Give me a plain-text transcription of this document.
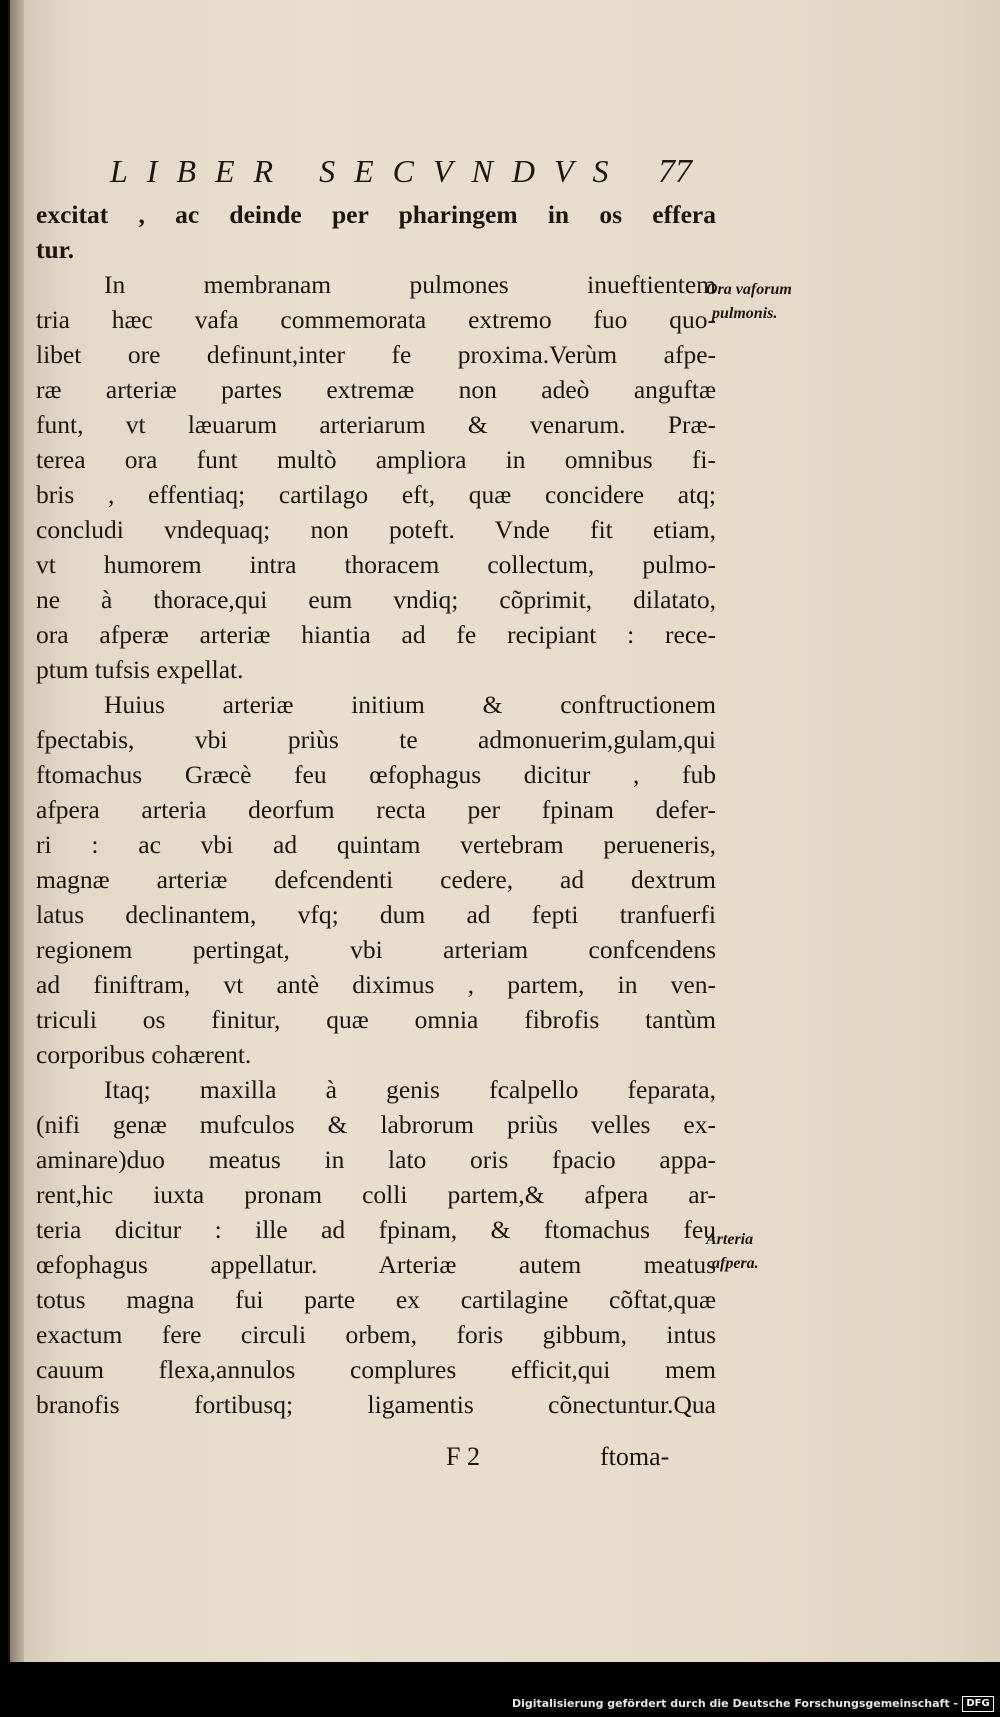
LIBER SECVNDVS 77
excitat , ac deinde per pharingem in os effera
tur.
In membranam pulmones inueftientem
tria hæc vafa commemorata extremo fuo quo-
libet ore definunt,inter fe proxima.Verùm afpe-
ræ arteriæ partes extremæ non adeò anguftæ
funt, vt læuarum arteriarum & venarum. Præ-
terea ora funt multò ampliora in omnibus fi-
bris , effentiaq; cartilago eft, quæ concidere atq;
concludi vndequaq; non poteft. Vnde fit etiam,
vt humorem intra thoracem collectum, pulmo-
ne à thorace,qui eum vndiq; cõprimit, dilatato,
ora afperæ arteriæ hiantia ad fe recipiant : rece-
ptum tufsis expellat.
Huius arteriæ initium & conftructionem
fpectabis, vbi priùs te admonuerim,gulam,qui
ftomachus Græcè feu œfophagus dicitur , fub
afpera arteria deorfum recta per fpinam defer-
ri : ac vbi ad quintam vertebram perueneris,
magnæ arteriæ defcendenti cedere, ad dextrum
latus declinantem, vfq; dum ad fepti tranfuerfi
regionem pertingat, vbi arteriam confcendens
ad finiftram, vt antè diximus , partem, in ven-
triculi os finitur, quæ omnia fibrofis tantùm
corporibus cohærent.
Itaq; maxilla à genis fcalpello feparata,
(nifi genæ mufculos & labrorum priùs velles ex-
aminare)duo meatus in lato oris fpacio appa-
rent,hic iuxta pronam colli partem,& afpera ar-
teria dicitur : ille ad fpinam, & ftomachus feu
œfophagus appellatur. Arteriæ autem meatus
totus magna fui parte ex cartilagine cõftat,quæ
exactum fere circuli orbem, foris gibbum, intus
cauum flexa,annulos complures efficit,qui mem
branofis fortibusq; ligamentis cõnectuntur.Qua
Ora vaforum
pulmonis.
Arteria
afpera.
F 2	ftoma-
Digitalisierung gefördert durch die Deutsche Forschungsgemeinschaft - DFG
